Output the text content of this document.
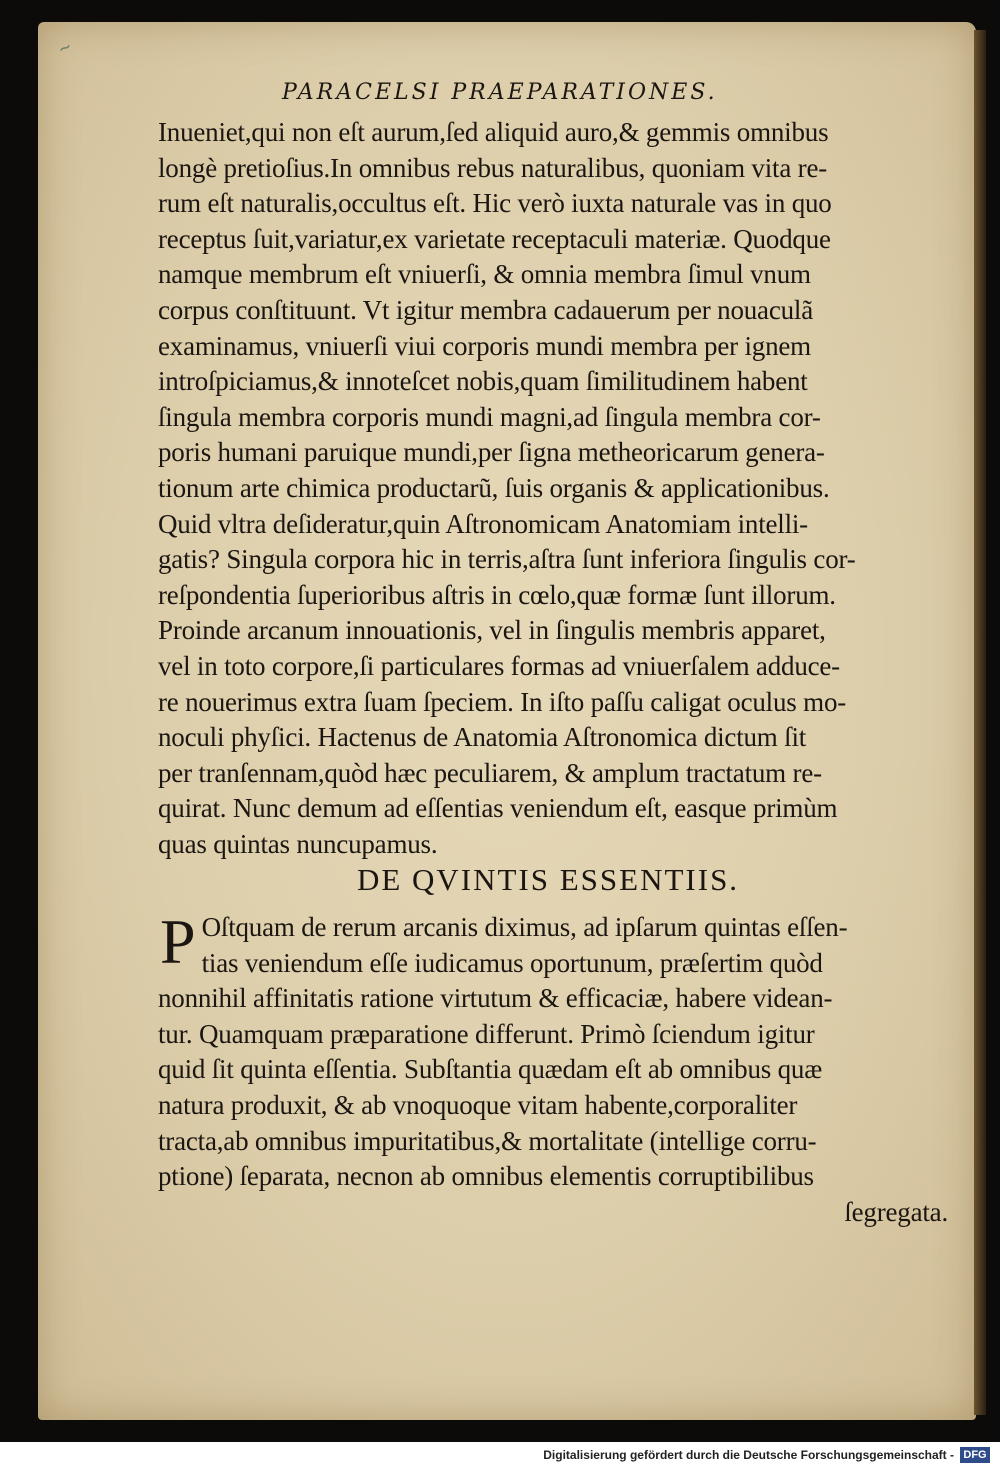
~
PARACELSI PRAEPARATIONES.
Inueniet,qui non eſt aurum,ſed aliquid auro,& gemmis omnibus
longè pretioſius.In omnibus rebus naturalibus, quoniam vita re-
rum eſt naturalis,occultus eſt. Hic verò iuxta naturale vas in quo
receptus ſuit,variatur,ex varietate receptaculi materiæ. Quodque
namque membrum eſt vniuerſi, & omnia membra ſimul vnum
corpus conſtituunt. Vt igitur membra cadauerum per nouaculã
examinamus, vniuerſi viui corporis mundi membra per ignem
introſpiciamus,& innoteſcet nobis,quam ſimilitudinem habent
ſingula membra corporis mundi magni,ad ſingula membra cor-
poris humani paruique mundi,per ſigna metheoricarum genera-
tionum arte chimica productarũ, ſuis organis & applicationibus.
Quid vltra deſideratur,quin Aſtronomicam Anatomiam intelli-
gatis? Singula corpora hic in terris,aſtra ſunt inferiora ſingulis cor-
reſpondentia ſuperioribus aſtris in cœlo,quæ formæ ſunt illorum.
Proinde arcanum innouationis, vel in ſingulis membris apparet,
vel in toto corpore,ſi particulares formas ad vniuerſalem adduce-
re nouerimus extra ſuam ſpeciem. In iſto paſſu caligat oculus mo-
noculi phyſici. Hactenus de Anatomia Aſtronomica dictum ſit
per tranſennam,quòd hæc peculiarem, & amplum tractatum re-
quirat. Nunc demum ad eſſentias veniendum eſt, easque primùm
quas quintas nuncupamus.
DE QVINTIS ESSENTIIS.
P Oſtquam de rerum arcanis diximus, ad ipſarum quintas eſſen-
tias veniendum eſſe iudicamus oportunum, præſertim quòd
nonnihil affinitatis ratione virtutum & efficaciæ, habere videan-
tur. Quamquam præparatione differunt. Primò ſciendum igitur
quid ſit quinta eſſentia. Subſtantia quædam eſt ab omnibus quæ
natura produxit, & ab vnoquoque vitam habente,corporaliter
tracta,ab omnibus impuritatibus,& mortalitate (intellige corru-
ptione) ſeparata, necnon ab omnibus elementis corruptibilibus
ſegregata.
Digitalisierung gefördert durch die Deutsche Forschungsgemeinschaft - DFG
